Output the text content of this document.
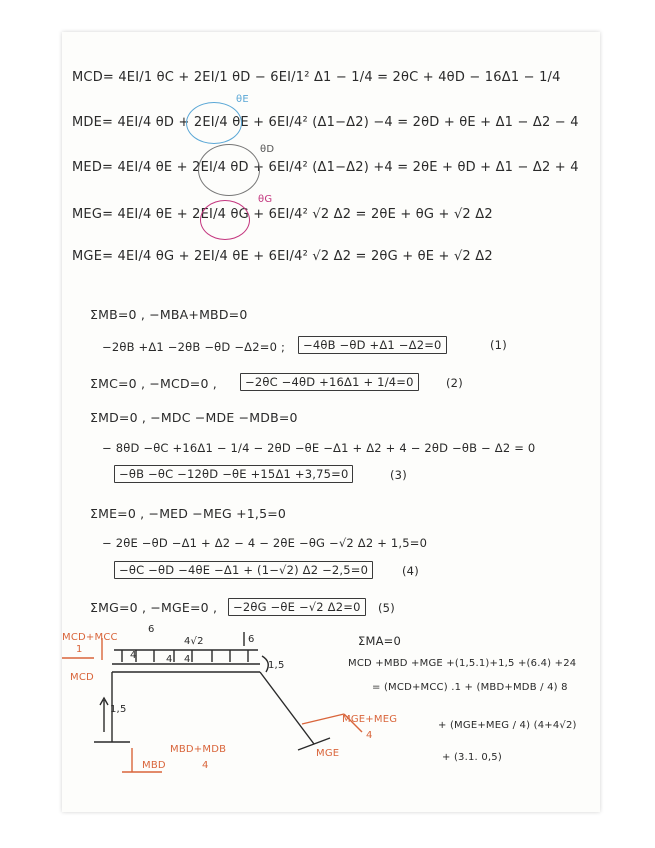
MCD= 4EI/1 θC + 2EI/1 θD − 6EI/1² Δ1 − 1/4 = 2θC + 4θD − 16Δ1 − 1/4
MDE= 4EI/4 θD + 2EI/4 θE + 6EI/4² (Δ1−Δ2) −4 = 2θD + θE + Δ1 − Δ2 − 4
MED= 4EI/4 θE + 2EI/4 θD + 6EI/4² (Δ1−Δ2) +4 = 2θE + θD + Δ1 − Δ2 + 4
MEG= 4EI/4 θE + 2EI/4 θG + 6EI/4² √2 Δ2 = 2θE + θG + √2 Δ2
MGE= 4EI/4 θG + 2EI/4 θE + 6EI/4² √2 Δ2 = 2θG + θE + √2 Δ2
θE
θD
θG
ΣMB=0 , −MBA+MBD=0
−2θB +Δ1 −2θB −θD −Δ2=0 ;	−4θB −θD +Δ1 −Δ2=0	(1)
ΣMC=0 , −MCD=0 ,	−2θC −4θD +16Δ1 + 1/4=0	(2)
ΣMD=0 , −MDC −MDE −MDB=0
− 8θD −θC +16Δ1 − 1/4 − 2θD −θE −Δ1 + Δ2 + 4 − 2θD −θB − Δ2 = 0
−θB −θC −12θD −θE +15Δ1 +3,75=0	(3)
ΣME=0 , −MED −MEG +1,5=0
− 2θE −θD −Δ1 + Δ2 − 4 − 2θE −θG −√2 Δ2 + 1,5=0
−θC −θD −4θE −Δ1 + (1−√2) Δ2 −2,5=0	(4)
ΣMG=0 , −MGE=0 ,	−2θG −θE −√2 Δ2=0	(5)
MCD+MCC
1
MCD
6
4	4 4
4√2	6
1,5
1,5
MBD+MDB
4
MBD
MGE+MEG
4
MGE
ΣMA=0
MCD +MBD +MGE +(1,5.1)+1,5 +(6.4) +24
= (MCD+MCC) .1 + (MBD+MDB / 4) 8
+ (MGE+MEG / 4) (4+4√2)
+ (3.1. 0,5)
